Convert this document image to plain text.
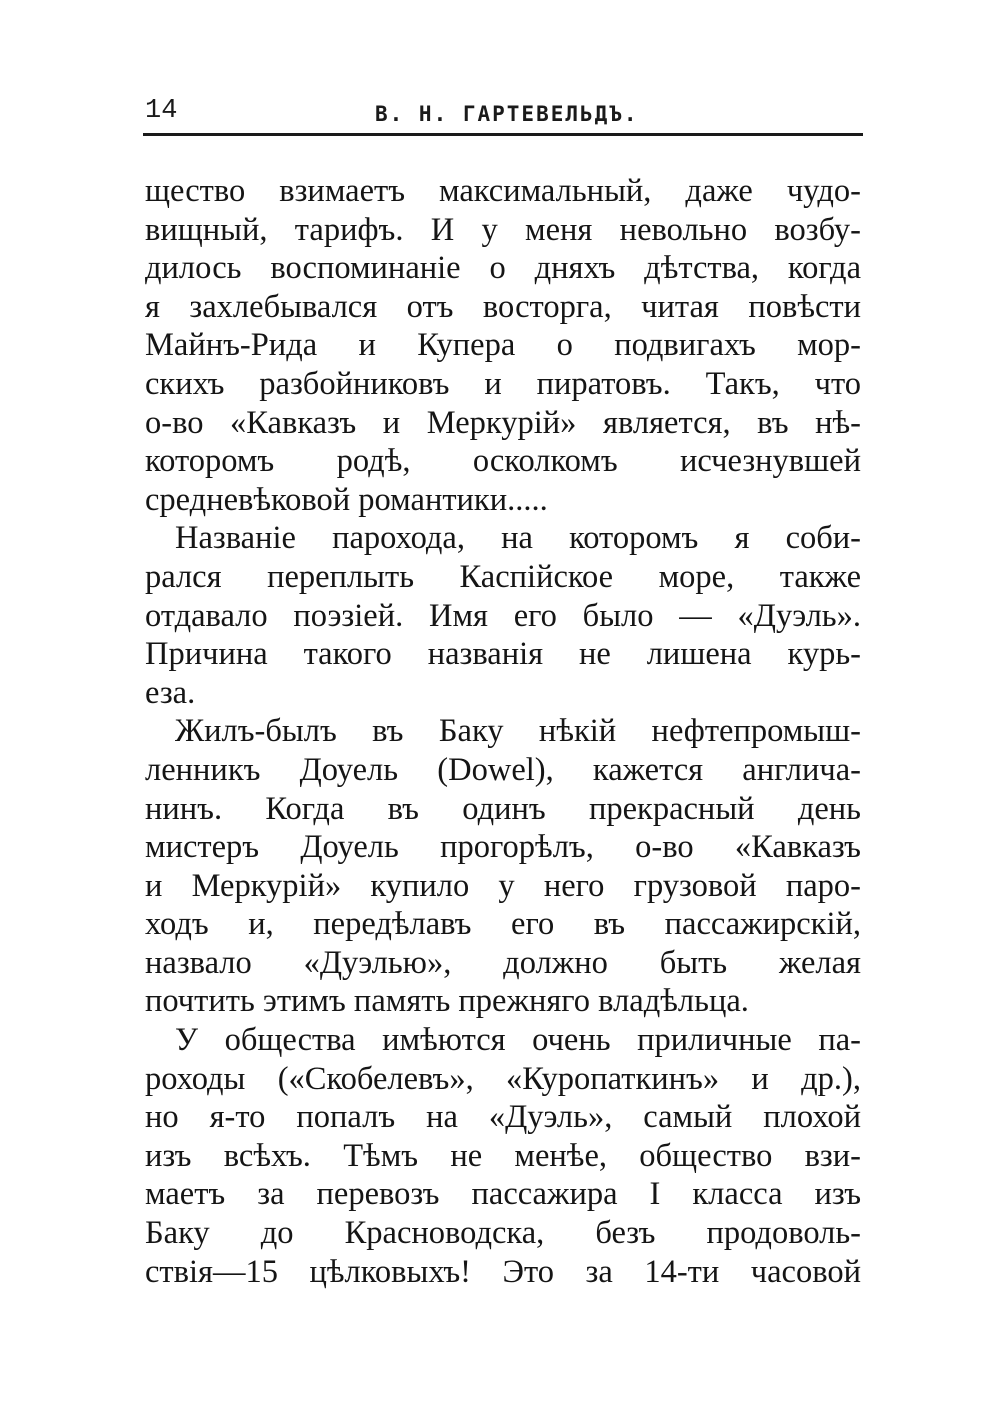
14	В. Н. ГАРТЕВЕЛЬДЪ.
щество взимаетъ максимальный, даже чудо-
вищный, тарифъ. И у меня невольно возбу-
дилось воспоминаніе о дняхъ дѣтства, когда
я захлебывался отъ восторга, читая повѣсти
Майнъ-Рида и Купера о подвигахъ мор-
скихъ разбойниковъ и пиратовъ. Такъ, что
о-во «Кавказъ и Меркурій» является, въ нѣ-
которомъ родѣ, осколкомъ исчезнувшей
средневѣковой романтики.....
Названіе парохода, на которомъ я соби-
рался переплыть Каспійское море, также
отдавало поэзіей. Имя его было — «Дуэль».
Причина такого названія не лишена курь-
еза.
Жилъ-былъ въ Баку нѣкій нефтепромыш-
ленникъ Доуель (Dowel), кажется англича-
нинъ. Когда въ одинъ прекрасный день
мистеръ Доуель прогорѣлъ, о-во «Кавказъ
и Меркурій» купило у него грузовой паро-
ходъ и, передѣлавъ его въ пассажирскій,
назвало «Дуэлью», должно быть желая
почтить этимъ память прежняго владѣльца.
У общества имѣются очень приличные па-
роходы («Скобелевъ», «Куропаткинъ» и др.),
но я-то попалъ на «Дуэль», самый плохой
изъ всѣхъ. Тѣмъ не менѣе, общество взи-
маетъ за перевозъ пассажира I класса изъ
Баку до Красноводска, безъ продоволь-
ствія—15 цѣлковыхъ! Это за 14-ти часовой
